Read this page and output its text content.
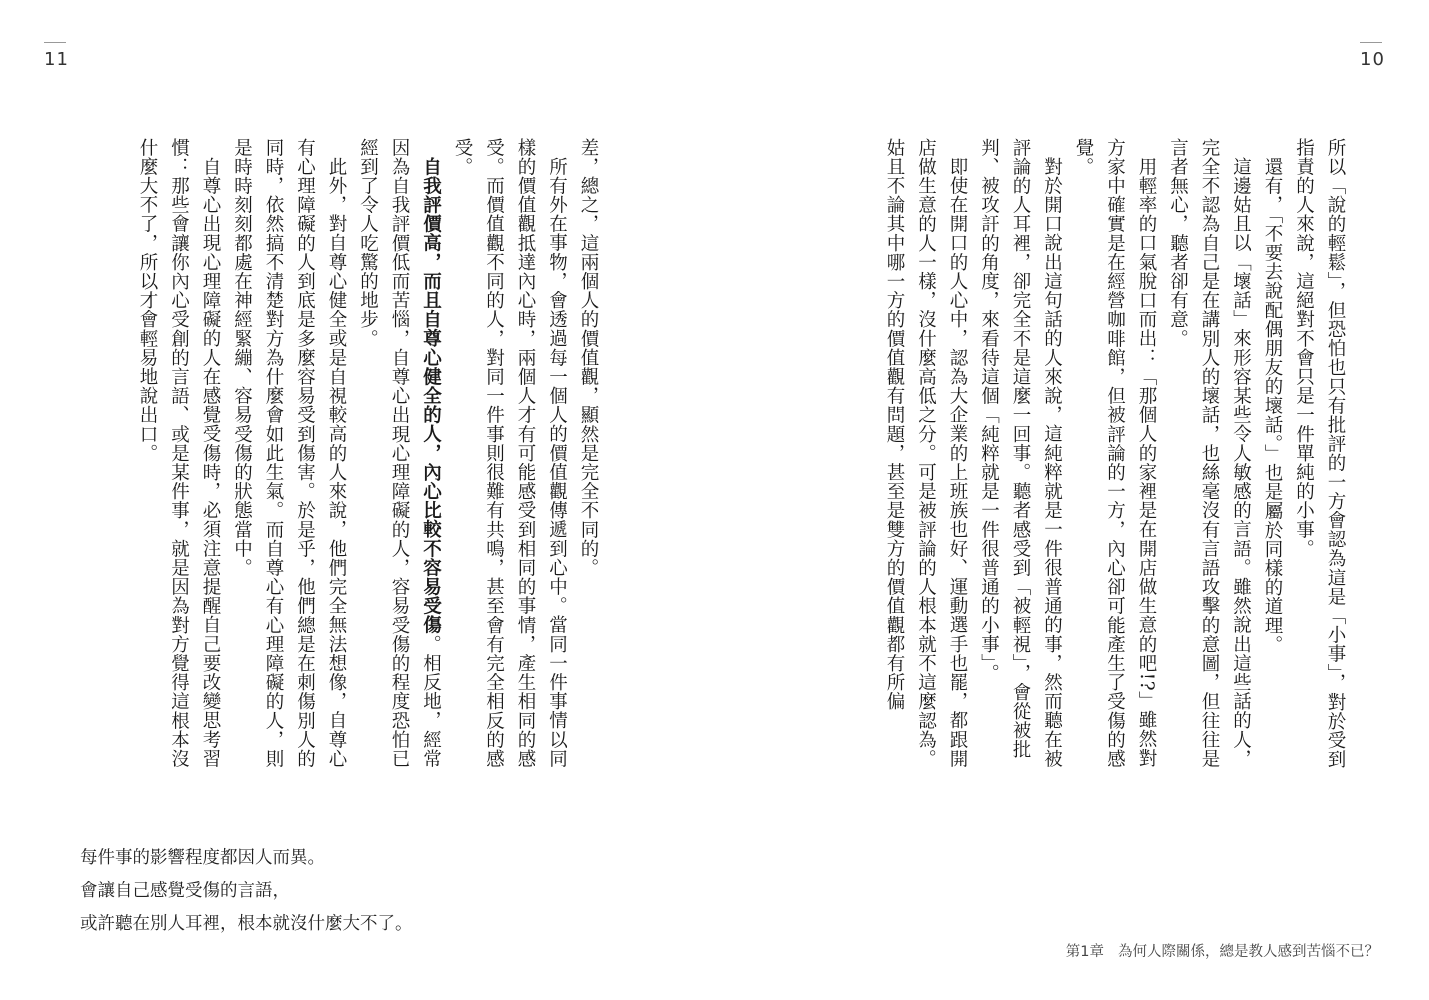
11	10

所以「說的輕鬆」，但恐怕也只有批評的一方會認為這是「小事」，對於受到指責的人來說，這絕對不會只是一件單純的小事。

還有，「不要去說配偶朋友的壞話。」也是屬於同樣的道理。

這邊姑且以「壞話」來形容某些令人敏感的言語。雖然說出這些話的人，完全不認為自己是在講別人的壞話，也絲毫沒有言語攻擊的意圖，但往往是言者無心，聽者卻有意。

用輕率的口氣脫口而出：「那個人的家裡是在開店做生意的吧!?」雖然對方家中確實是在經營咖啡館，但被評論的一方，內心卻可能產生了受傷的感覺。

對於開口說出這句話的人來說，這純粹就是一件很普通的事，然而聽在被評論的人耳裡，卻完全不是這麼一回事。聽者感受到「被輕視」，會從被批判、被攻訐的角度，來看待這個「純粹就是一件很普通的小事」。

即使在開口的人心中，認為大企業的上班族也好、運動選手也罷，都跟開店做生意的人一樣，沒什麼高低之分。可是被評論的人根本就不這麼認為。姑且不論其中哪一方的價值觀有問題，甚至是雙方的價值觀都有所偏

差，總之，這兩個人的價值觀，顯然是完全不同的。

所有外在事物，會透過每一個人的價值觀傳遞到心中。當同一件事情以同樣的價值觀抵達內心時，兩個人才有可能感受到相同的事情，產生相同的感受。而價值觀不同的人，對同一件事則很難有共鳴，甚至會有完全相反的感受。

自我評價高，而且自尊心健全的人，內心比較不容易受傷。相反地，經常因為自我評價低而苦惱，自尊心出現心理障礙的人，容易受傷的程度恐怕已經到了令人吃驚的地步。

此外，對自尊心健全或是自視較高的人來說，他們完全無法想像，自尊心有心理障礙的人到底是多麼容易受到傷害。於是乎，他們總是在刺傷別人的同時，依然搞不清楚對方為什麼會如此生氣。而自尊心有心理障礙的人，則是時時刻刻都處在神經緊繃、容易受傷的狀態當中。

自尊心出現心理障礙的人在感覺受傷時，必須注意提醒自己要改變思考習慣：那些會讓你內心受創的言語、或是某件事，就是因為對方覺得這根本沒什麼大不了，所以才會輕易地說出口。

每件事的影響程度都因人而異。
會讓自己感覺受傷的言語，
或許聽在別人耳裡，根本就沒什麼大不了。
第1章 為何人際關係，總是教人感到苦惱不已？
